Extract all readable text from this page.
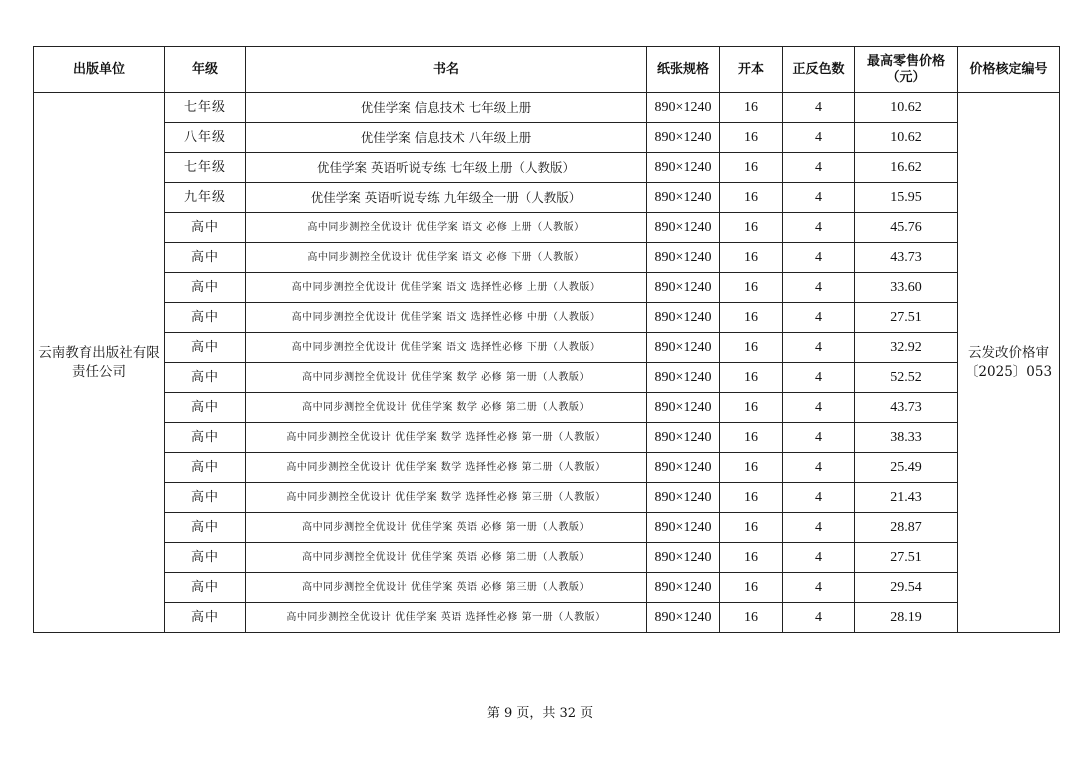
出版单位	年级	书名	纸张规格	开本	正反色数	最高零售价格（元）	价格核定编号
云南教育出版社有限责任公司	七年级	优佳学案 信息技术 七年级上册	890×1240	16	4	10.62	云发改价格审〔2025〕053
	八年级	优佳学案 信息技术 八年级上册	890×1240	16	4	10.62	
	七年级	优佳学案 英语听说专练 七年级上册（人教版）	890×1240	16	4	16.62	
	九年级	优佳学案 英语听说专练 九年级全一册（人教版）	890×1240	16	4	15.95	
	高中	高中同步测控全优设计 优佳学案 语文 必修 上册（人教版）	890×1240	16	4	45.76	
	高中	高中同步测控全优设计 优佳学案 语文 必修 下册（人教版）	890×1240	16	4	43.73	
	高中	高中同步测控全优设计 优佳学案 语文 选择性必修 上册（人教版）	890×1240	16	4	33.60	
	高中	高中同步测控全优设计 优佳学案 语文 选择性必修 中册（人教版）	890×1240	16	4	27.51	
	高中	高中同步测控全优设计 优佳学案 语文 选择性必修 下册（人教版）	890×1240	16	4	32.92	
	高中	高中同步测控全优设计 优佳学案 数学 必修 第一册（人教版）	890×1240	16	4	52.52	
	高中	高中同步测控全优设计 优佳学案 数学 必修 第二册（人教版）	890×1240	16	4	43.73	
	高中	高中同步测控全优设计 优佳学案 数学 选择性必修 第一册（人教版）	890×1240	16	4	38.33	
	高中	高中同步测控全优设计 优佳学案 数学 选择性必修 第二册（人教版）	890×1240	16	4	25.49	
	高中	高中同步测控全优设计 优佳学案 数学 选择性必修 第三册（人教版）	890×1240	16	4	21.43	
	高中	高中同步测控全优设计 优佳学案 英语 必修 第一册（人教版）	890×1240	16	4	28.87	
	高中	高中同步测控全优设计 优佳学案 英语 必修 第二册（人教版）	890×1240	16	4	27.51	
	高中	高中同步测控全优设计 优佳学案 英语 必修 第三册（人教版）	890×1240	16	4	29.54	
	高中	高中同步测控全优设计 优佳学案 英语 选择性必修 第一册（人教版）	890×1240	16	4	28.19	
第 9 页，共 32 页
